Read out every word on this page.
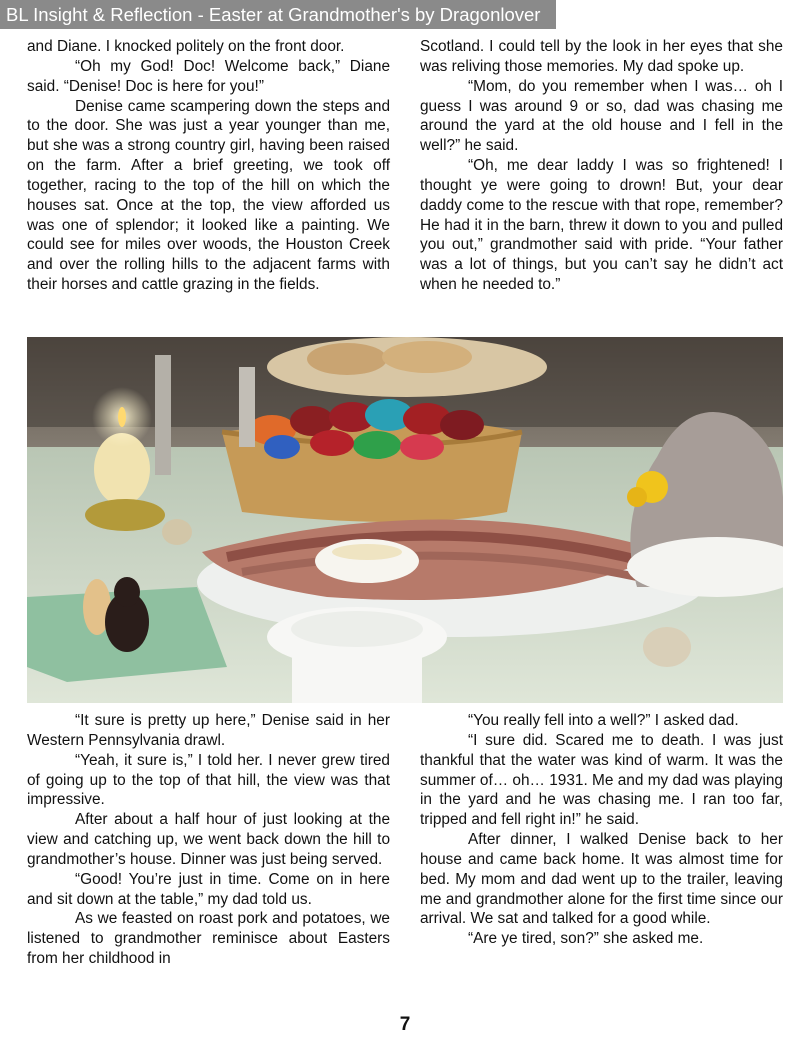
BL Insight & Reflection - Easter at Grandmother's by Dragonlover

and Diane. I knocked politely on the front door.

“Oh my God! Doc! Welcome back,” Diane said. “Denise! Doc is here for you!”

Denise came scampering down the steps and to the door. She was just a year younger than me, but she was a strong country girl, having been raised on the farm. After a brief greeting, we took off together, racing to the top of the hill on which the houses sat. Once at the top, the view afforded us was one of splendor; it looked like a painting. We could see for miles over woods, the Houston Creek and over the rolling hills to the adjacent farms with their horses and cattle grazing in the fields.

Scotland. I could tell by the look in her eyes that she was reliving those memories. My dad spoke up.

“Mom, do you remember when I was… oh I guess I was around 9 or so, dad was chasing me around the yard at the old house and I fell in the well?” he said.

“Oh, me dear laddy I was so frightened! I thought ye were going to drown! But, your dear daddy come to the rescue with that rope, remember? He had it in the barn, threw it down to you and pulled you out,” grandmother said with pride. “Your father was a lot of things, but you can’t say he didn’t act when he needed to.”

“It sure is pretty up here,” Denise said in her Western Pennsylvania drawl.

“Yeah, it sure is,” I told her. I never grew tired of going up to the top of that hill, the view was that impressive.

After about a half hour of just looking at the view and catching up, we went back down the hill to grandmother’s house. Dinner was just being served.

“Good! You’re just in time. Come on in here and sit down at the table,” my dad told us.

As we feasted on roast pork and potatoes, we listened to grandmother reminisce about Easters from her childhood in

“You really fell into a well?” I asked dad.

“I sure did. Scared me to death. I was just thankful that the water was kind of warm. It was the summer of… oh… 1931. Me and my dad was playing in the yard and he was chasing me. I ran too far, tripped and fell right in!” he said.

After dinner, I walked Denise back to her house and came back home. It was almost time for bed. My mom and dad went up to the trailer, leaving me and grandmother alone for the first time since our arrival. We sat and talked for a good while.

“Are ye tired, son?” she asked me.

7
